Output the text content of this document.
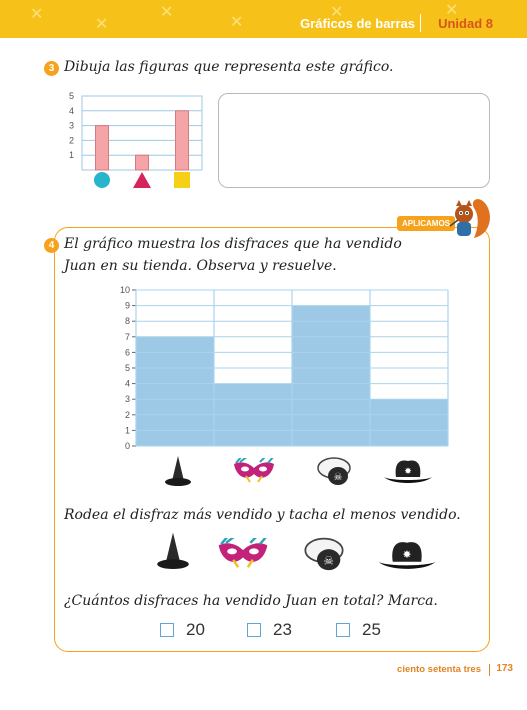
✕
✕
✕
✕
✕	✕
Gráficos de barras Unidad 8
3 Dibuja las figuras que representa este gráfico.
1
2
3
4
5
APLICAMOS
4 El gráfico muestra los disfraces que ha vendido
Juan en su tienda. Observa y resuelve.
0
1
2
3
4
5
6
7
8
9
10
☠	✸
Rodea el disfraz más vendido y tacha el menos vendido.
☠	✸
¿Cuántos disfraces ha vendido Juan en total? Marca.
20	23	25
ciento setenta tres 173
